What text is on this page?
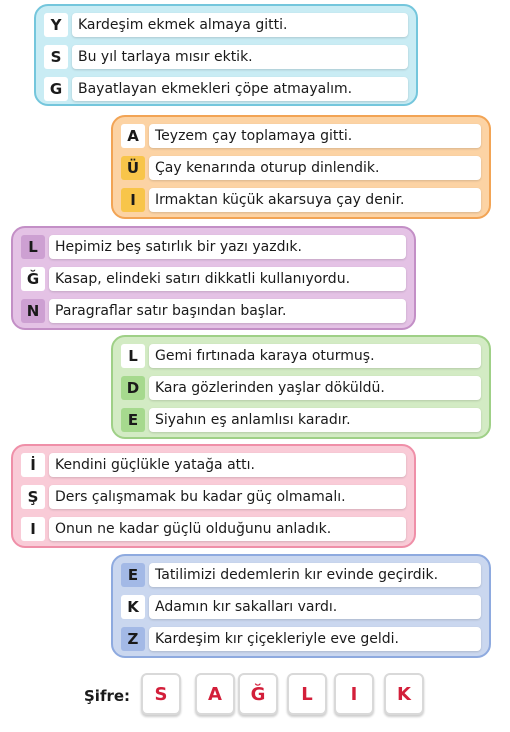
Y	Kardeşim ekmek almaya gitti.
S	Bu yıl tarlaya mısır ektik.
G	Bayatlayan ekmekleri çöpe atmayalım.
A	Teyzem çay toplamaya gitti.
Ü	Çay kenarında oturup dinlendik.
I	Irmaktan küçük akarsuya çay denir.
L	Hepimiz beş satırlık bir yazı yazdık.
Ğ	Kasap, elindeki satırı dikkatli kullanıyordu.
N	Paragraflar satır başından başlar.
L	Gemi fırtınada karaya oturmuş.
D	Kara gözlerinden yaşlar döküldü.
E	Siyahın eş anlamlısı karadır.
İ	Kendini güçlükle yatağa attı.
Ş	Ders çalışmamak bu kadar güç olmamalı.
I	Onun ne kadar güçlü olduğunu anladık.
E	Tatilimizi dedemlerin kır evinde geçirdik.
K	Adamın kır sakalları vardı.
Z	Kardeşim kır çiçekleriyle eve geldi.
Şifre:	S	A	Ğ	L	I	K
